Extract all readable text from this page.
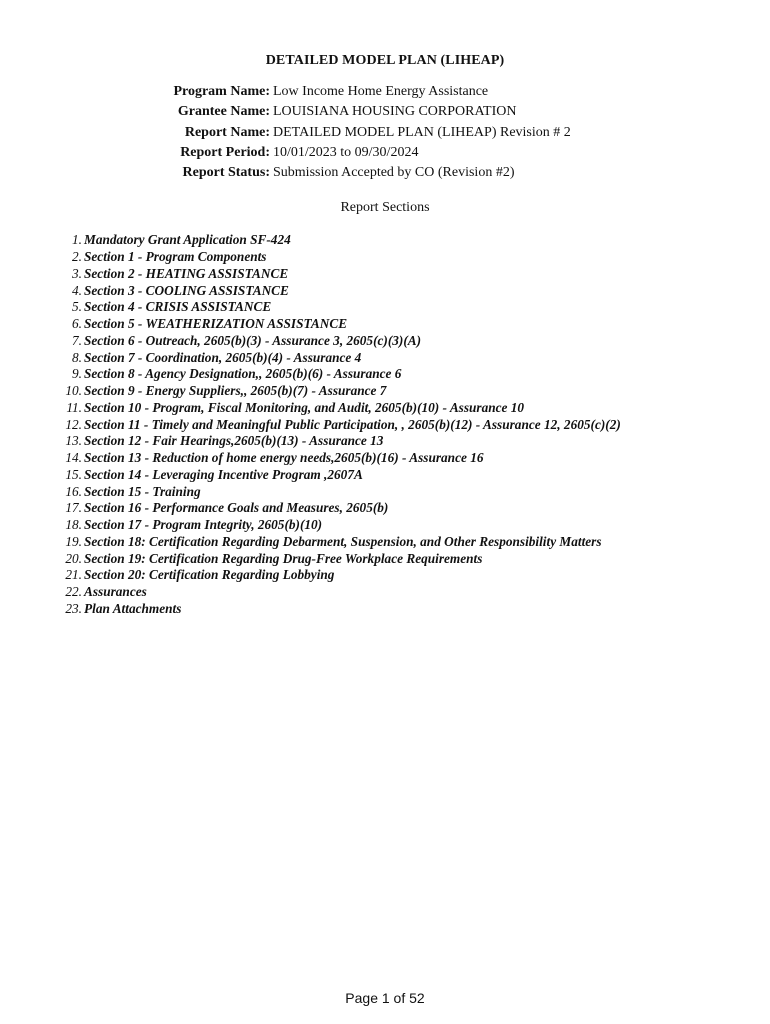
DETAILED MODEL PLAN (LIHEAP)
Program Name: Low Income Home Energy Assistance
Grantee Name: LOUISIANA HOUSING CORPORATION
Report Name: DETAILED MODEL PLAN (LIHEAP) Revision # 2
Report Period: 10/01/2023 to 09/30/2024
Report Status: Submission Accepted by CO (Revision #2)
Report Sections
1. Mandatory Grant Application SF-424
2. Section 1 - Program Components
3. Section 2 - HEATING ASSISTANCE
4. Section 3 - COOLING ASSISTANCE
5. Section 4 - CRISIS ASSISTANCE
6. Section 5 - WEATHERIZATION ASSISTANCE
7. Section 6 - Outreach, 2605(b)(3) - Assurance 3, 2605(c)(3)(A)
8. Section 7 - Coordination, 2605(b)(4) - Assurance 4
9. Section 8 - Agency Designation,, 2605(b)(6) - Assurance 6
10. Section 9 - Energy Suppliers,, 2605(b)(7) - Assurance 7
11. Section 10 - Program, Fiscal Monitoring, and Audit, 2605(b)(10) - Assurance 10
12. Section 11 - Timely and Meaningful Public Participation, , 2605(b)(12) - Assurance 12, 2605(c)(2)
13. Section 12 - Fair Hearings,2605(b)(13) - Assurance 13
14. Section 13 - Reduction of home energy needs,2605(b)(16) - Assurance 16
15. Section 14 - Leveraging Incentive Program ,2607A
16. Section 15 - Training
17. Section 16 - Performance Goals and Measures, 2605(b)
18. Section 17 - Program Integrity, 2605(b)(10)
19. Section 18: Certification Regarding Debarment, Suspension, and Other Responsibility Matters
20. Section 19: Certification Regarding Drug-Free Workplace Requirements
21. Section 20: Certification Regarding Lobbying
22. Assurances
23. Plan Attachments
Page 1 of 52
